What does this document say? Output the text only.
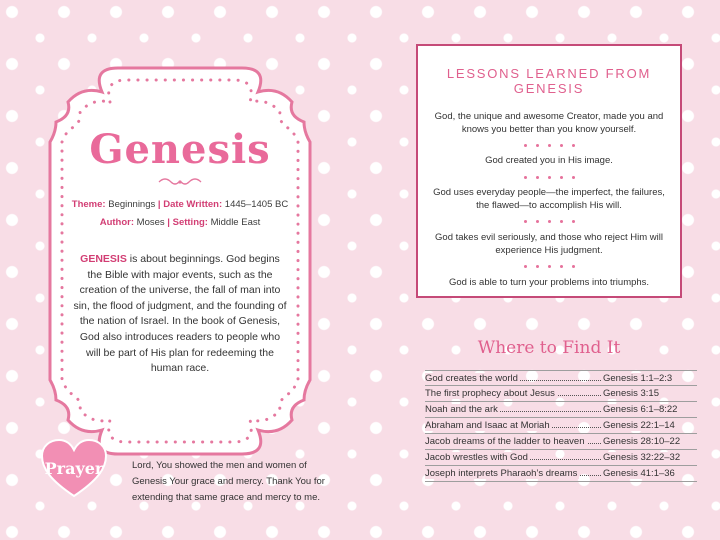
Genesis
Theme: Beginnings | Date Written: 1445–1405 BC
Author: Moses | Setting: Middle East
GENESIS is about beginnings. God begins the Bible with major events, such as the creation of the universe, the fall of man into sin, the flood of judgment, and the founding of the nation of Israel. In the book of Genesis, God also introduces readers to people who will be part of His plan for redeeming the human race.
LESSONS LEARNED FROM GENESIS
God, the unique and awesome Creator, made you and knows you better than you know yourself.
God created you in His image.
God uses everyday people—the imperfect, the failures, the flawed—to accomplish His will.
God takes evil seriously, and those who reject Him will experience His judgment.
God is able to turn your problems into triumphs.
Where to Find It
God creates the world	Genesis 1:1–2:3
The first prophecy about Jesus	Genesis 3:15
Noah and the ark	Genesis 6:1–8:22
Abraham and Isaac at Moriah	Genesis 22:1–14
Jacob dreams of the ladder to heaven Genesis 28:10–22
Jacob wrestles with God	Genesis 32:22–32
Joseph interprets Pharaoh’s dreams	Genesis 41:1–36
Prayer	Lord, You showed the men and women of Genesis Your grace and mercy. Thank You for extending that same grace and mercy to me.
